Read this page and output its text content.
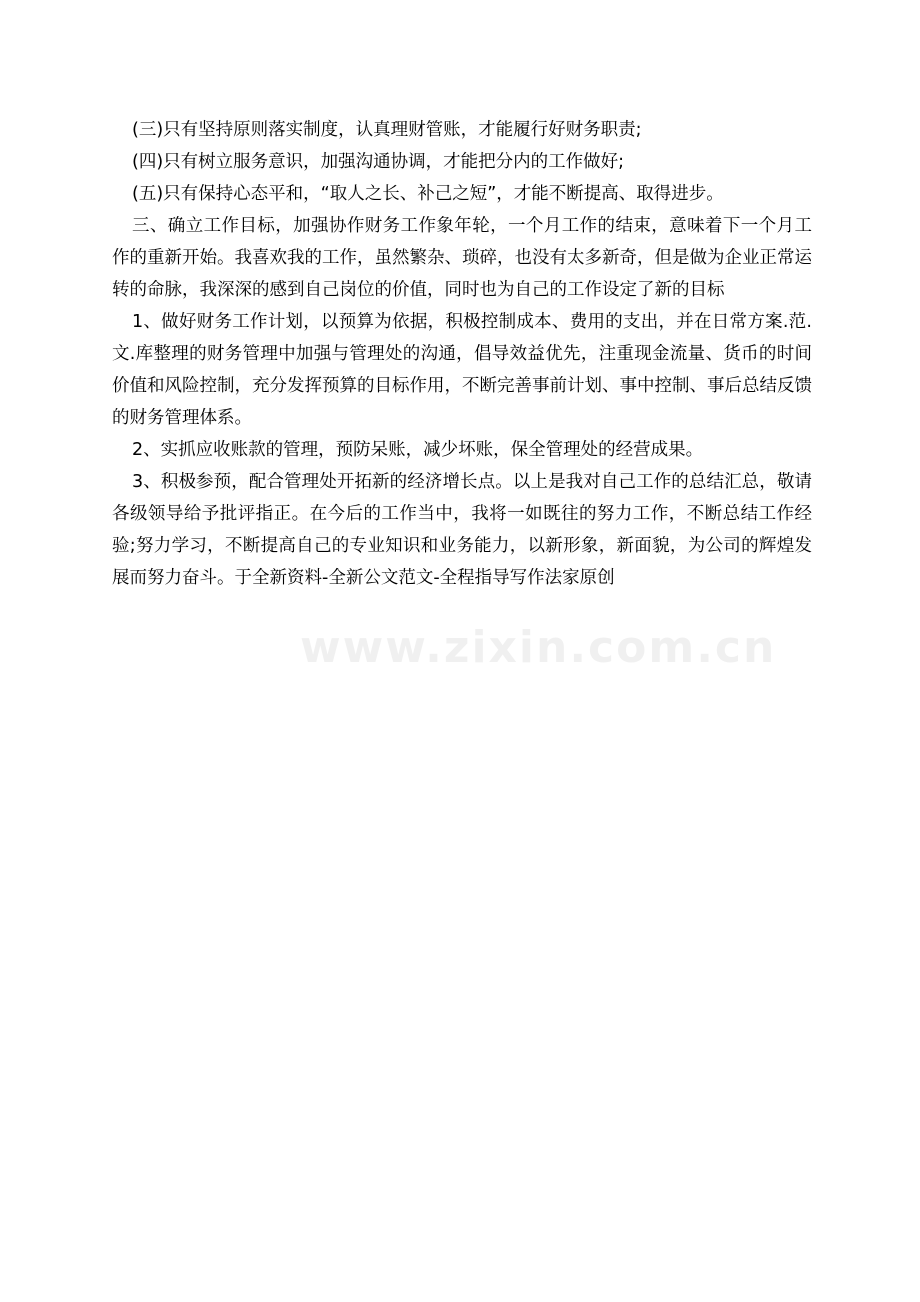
(三)只有坚持原则落实制度，认真理财管账，才能履行好财务职责;

(四)只有树立服务意识，加强沟通协调，才能把分内的工作做好;

(五)只有保持心态平和，“取人之长、补己之短”，才能不断提高、取得进步。

三、确立工作目标，加强协作财务工作象年轮，一个月工作的结束，意味着下一个月工作的重新开始。我喜欢我的工作，虽然繁杂、琐碎，也没有太多新奇，但是做为企业正常运转的命脉，我深深的感到自己岗位的价值，同时也为自己的工作设定了新的目标

1、做好财务工作计划，以预算为依据，积极控制成本、费用的支出，并在日常方案.范.文.库整理的财务管理中加强与管理处的沟通，倡导效益优先，注重现金流量、货币的时间价值和风险控制，充分发挥预算的目标作用，不断完善事前计划、事中控制、事后总结反馈的财务管理体系。

2、实抓应收账款的管理，预防呆账，减少坏账，保全管理处的经营成果。

3、积极参预，配合管理处开拓新的经济增长点。以上是我对自己工作的总结汇总，敬请各级领导给予批评指正。在今后的工作当中，我将一如既往的努力工作，不断总结工作经验;努力学习，不断提高自己的专业知识和业务能力，以新形象，新面貌，为公司的辉煌发展而努力奋斗。于全新资料-全新公文范文-全程指导写作法家原创

www.zixin.com.cn
